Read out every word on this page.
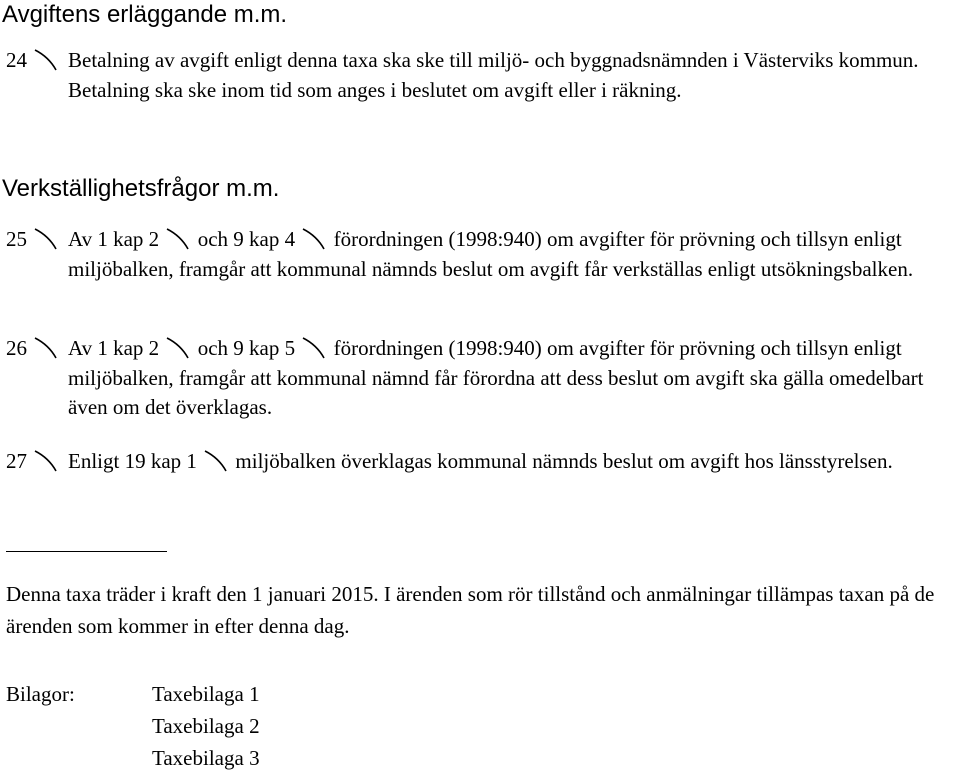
Avgiftens erläggande m.m.
24	Betalning av avgift enligt denna taxa ska ske till miljö- och byggnadsnämnden i Västerviks kommun. Betalning ska ske inom tid som anges i beslutet om avgift eller i räkning.
Verkställighetsfrågor m.m.
25	Av 1 kap 2 och 9 kap 4 förordningen (1998:940) om avgifter för prövning och tillsyn enligt miljöbalken, framgår att kommunal nämnds beslut om avgift får verkställas enligt utsökningsbalken.
26	Av 1 kap 2 och 9 kap 5 förordningen (1998:940) om avgifter för prövning och tillsyn enligt miljöbalken, framgår att kommunal nämnd får förordna att dess beslut om avgift ska gälla omedelbart även om det överklagas.
27	Enligt 19 kap 1 miljöbalken överklagas kommunal nämnds beslut om avgift hos länsstyrelsen.
Denna taxa träder i kraft den 1 januari 2015. I ärenden som rör tillstånd och anmälningar tillämpas taxan på de ärenden som kommer in efter denna dag.
Bilagor:	Taxebilaga 1
Taxebilaga 2
Taxebilaga 3
